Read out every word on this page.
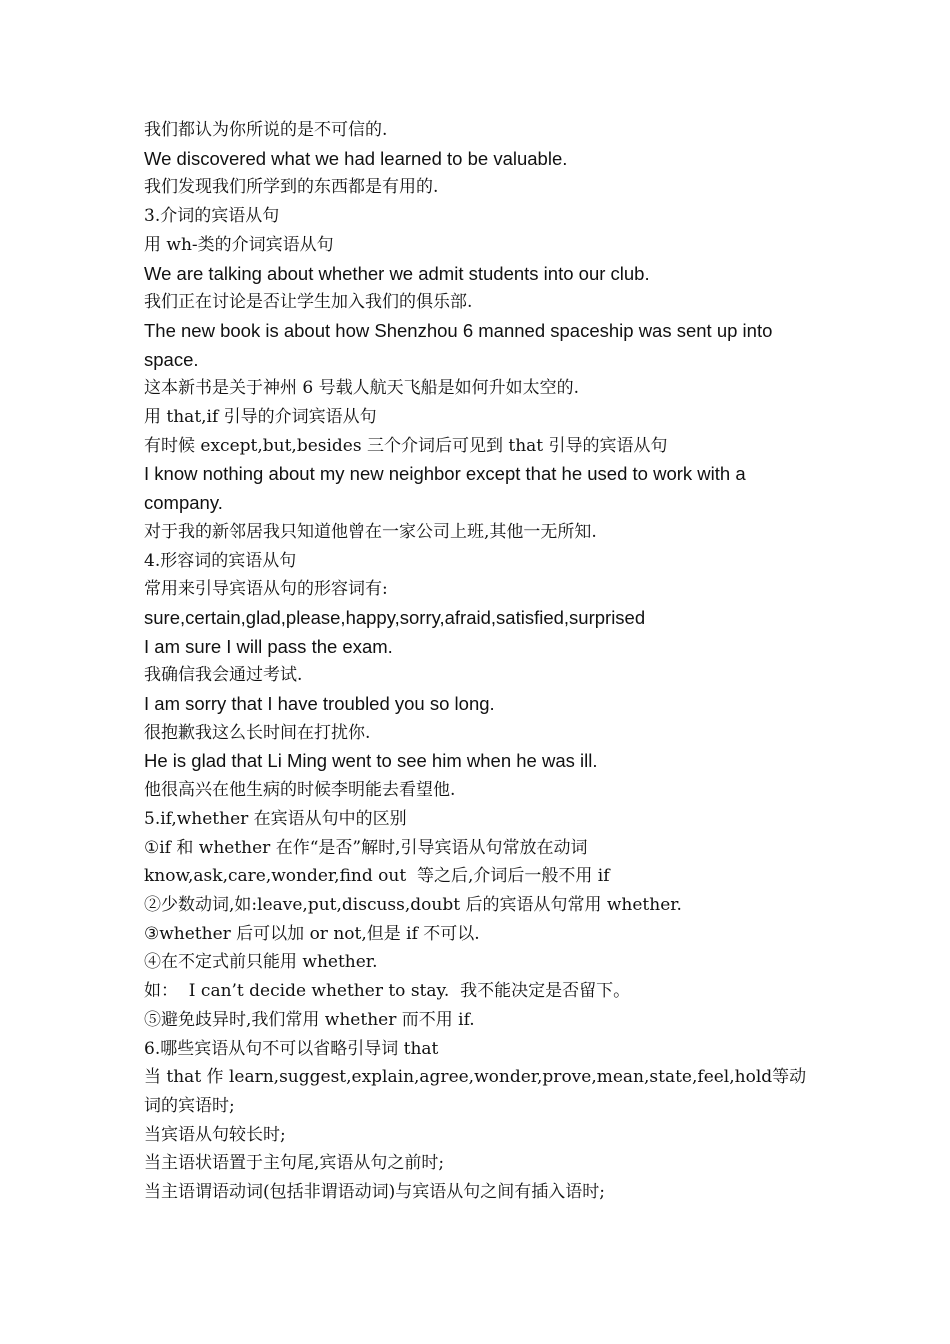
我们都认为你所说的是不可信的.

We discovered what we had learned to be valuable.

我们发现我们所学到的东西都是有用的.

3.介词的宾语从句

用 wh-类的介词宾语从句

We are talking about whether we admit students into our club.

我们正在讨论是否让学生加入我们的俱乐部.

The new book is about how Shenzhou 6 manned spaceship was sent up into

space.

这本新书是关于神州 6 号载人航天飞船是如何升如太空的.

用 that,if 引导的介词宾语从句

有时候 except,but,besides 三个介词后可见到 that 引导的宾语从句

I know nothing about my new neighbor except that he used to work with a

company.

对于我的新邻居我只知道他曾在一家公司上班,其他一无所知.

4.形容词的宾语从句

常用来引导宾语从句的形容词有:

sure,certain,glad,please,happy,sorry,afraid,satisfied,surprised

I am sure I will pass the exam.

我确信我会通过考试.

I am sorry that I have troubled you so long.

很抱歉我这么长时间在打扰你.

He is glad that Li Ming went to see him when he was ill.

他很高兴在他生病的时候李明能去看望他.

5.if,whether 在宾语从句中的区别

①if 和 whether 在作“是否”解时,引导宾语从句常放在动词

know,ask,care,wonder,find out  等之后,介词后一般不用 if

②少数动词,如:leave,put,discuss,doubt 后的宾语从句常用 whether.

③whether 后可以加 or not,但是 if 不可以.

④在不定式前只能用 whether.

如：  I can’t decide whether to stay.  我不能决定是否留下。

⑤避免歧异时,我们常用 whether 而不用 if.

6.哪些宾语从句不可以省略引导词 that

当 that 作 learn,suggest,explain,agree,wonder,prove,mean,state,feel,hold等动

词的宾语时;

当宾语从句较长时;

当主语状语置于主句尾,宾语从句之前时;

当主语谓语动词(包括非谓语动词)与宾语从句之间有插入语时;
